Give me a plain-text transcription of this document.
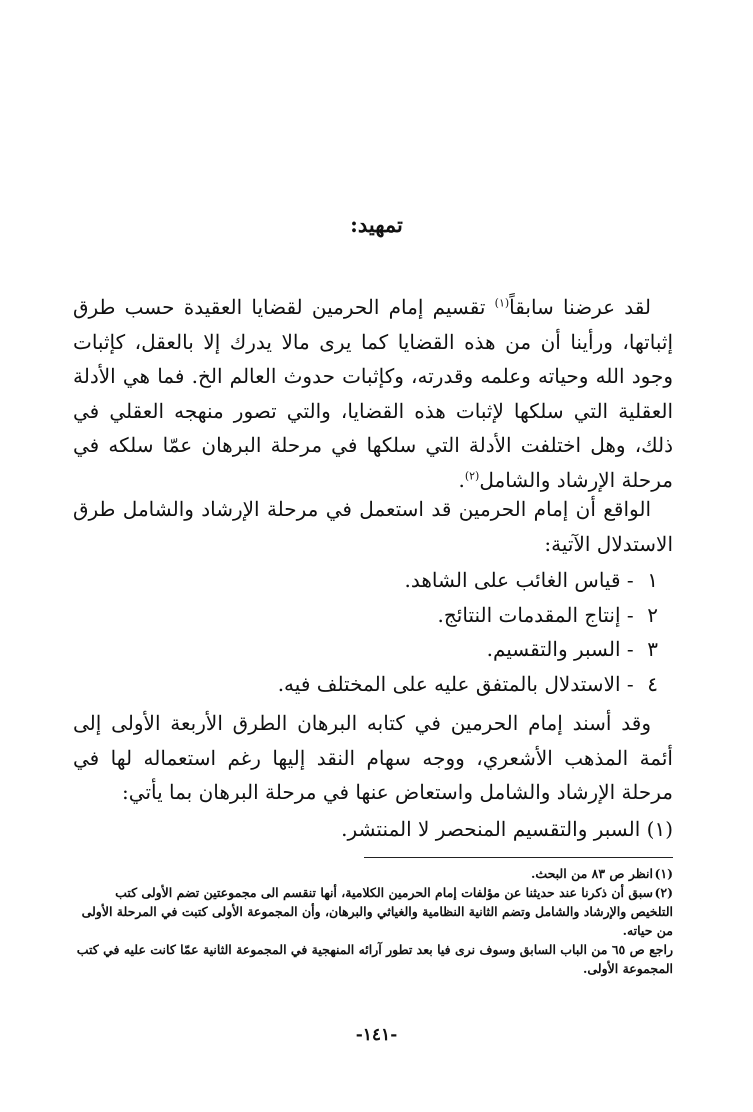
تمهيد:

لقد عرضنا سابقاً$^{(١)}$ تقسيم إمام الحرمين لقضايا العقيدة حسب طرق إثباتها، ورأينا أن من هذه القضايا كما يرى مالا يدرك إلا بالعقل، كإثبات وجود الله وحياته وعلمه وقدرته، وكإثبات حدوث العالم الخ. فما هي الأدلة العقلية التي سلكها لإثبات هذه القضايا، والتي تصور منهجه العقلي في ذلك، وهل اختلفت الأدلة التي سلكها في مرحلة البرهان عمّا سلكه في مرحلة الإرشاد والشامل$^{(٢)}$.

الواقع أن إمام الحرمين قد استعمل في مرحلة الإرشاد والشامل طرق الاستدلال الآتية:

١ - قياس الغائب على الشاهد.
٢ - إنتاج المقدمات النتائج.
٣ - السبر والتقسيم.
٤ - الاستدلال بالمتفق عليه على المختلف فيه.

وقد أسند إمام الحرمين في كتابه البرهان الطرق الأربعة الأولى إلى أئمة المذهب الأشعري، ووجه سهام النقد إليها رغم استعماله لها في مرحلة الإرشاد والشامل واستعاض عنها في مرحلة البرهان بما يأتي:

(١) السبر والتقسيم المنحصر لا المنتشر.

(١)انظر ص ٨٣ من البحث.
(٢)سبق أن ذكرنا عند حديثنا عن مؤلفات إمام الحرمين الكلامية، أنها تنقسم الى مجموعتين تضم الأولى كتب التلخيص والإرشاد والشامل وتضم الثانية النظامية والغياثي والبرهان، وأن المجموعة الأولى كتبت في المرحلة الأولى من حياته.
راجع ص ٦٥ من الباب السابق وسوف نرى فيا بعد تطور آرائه المنهجية في المجموعة الثانية عمّا كانت عليه في كتب المجموعة الأولى.
-١٤١-
